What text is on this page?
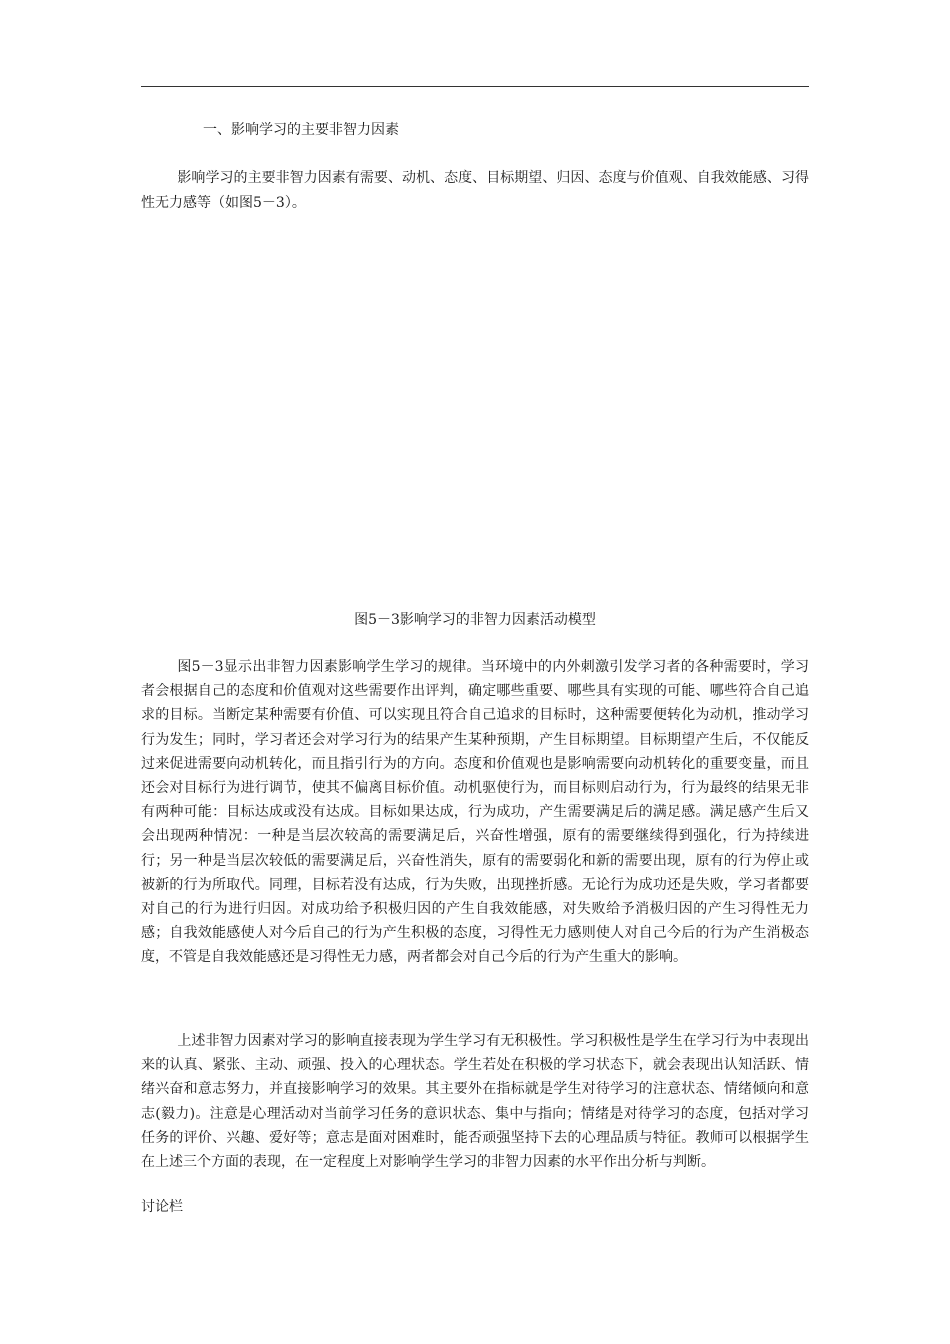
一、影响学习的主要非智力因素

影响学习的主要非智力因素有需要、动机、态度、目标期望、归因、态度与价值观、自我效能感、习得性无力感等（如图5－3）。

图5－3影响学习的非智力因素活动模型

图5－3显示出非智力因素影响学生学习的规律。当环境中的内外刺激引发学习者的各种需要时，学习者会根据自己的态度和价值观对这些需要作出评判，确定哪些重要、哪些具有实现的可能、哪些符合自己追求的目标。当断定某种需要有价值、可以实现且符合自己追求的目标时，这种需要便转化为动机，推动学习行为发生；同时，学习者还会对学习行为的结果产生某种预期，产生目标期望。目标期望产生后，不仅能反过来促进需要向动机转化，而且指引行为的方向。态度和价值观也是影响需要向动机转化的重要变量，而且还会对目标行为进行调节，使其不偏离目标价值。动机驱使行为，而目标则启动行为，行为最终的结果无非有两种可能：目标达成或没有达成。目标如果达成，行为成功，产生需要满足后的满足感。满足感产生后又会出现两种情况：一种是当层次较高的需要满足后，兴奋性增强，原有的需要继续得到强化，行为持续进行；另一种是当层次较低的需要满足后，兴奋性消失，原有的需要弱化和新的需要出现，原有的行为停止或被新的行为所取代。同理，目标若没有达成，行为失败，出现挫折感。无论行为成功还是失败，学习者都要对自己的行为进行归因。对成功给予积极归因的产生自我效能感，对失败给予消极归因的产生习得性无力感；自我效能感使人对今后自己的行为产生积极的态度，习得性无力感则使人对自己今后的行为产生消极态度，不管是自我效能感还是习得性无力感，两者都会对自己今后的行为产生重大的影响。

上述非智力因素对学习的影响直接表现为学生学习有无积极性。学习积极性是学生在学习行为中表现出来的认真、紧张、主动、顽强、投入的心理状态。学生若处在积极的学习状态下，就会表现出认知活跃、情绪兴奋和意志努力，并直接影响学习的效果。其主要外在指标就是学生对待学习的注意状态、情绪倾向和意志(毅力)。注意是心理活动对当前学习任务的意识状态、集中与指向；情绪是对待学习的态度，包括对学习任务的评价、兴趣、爱好等；意志是面对困难时，能否顽强坚持下去的心理品质与特征。教师可以根据学生在上述三个方面的表现，在一定程度上对影响学生学习的非智力因素的水平作出分析与判断。

讨论栏
